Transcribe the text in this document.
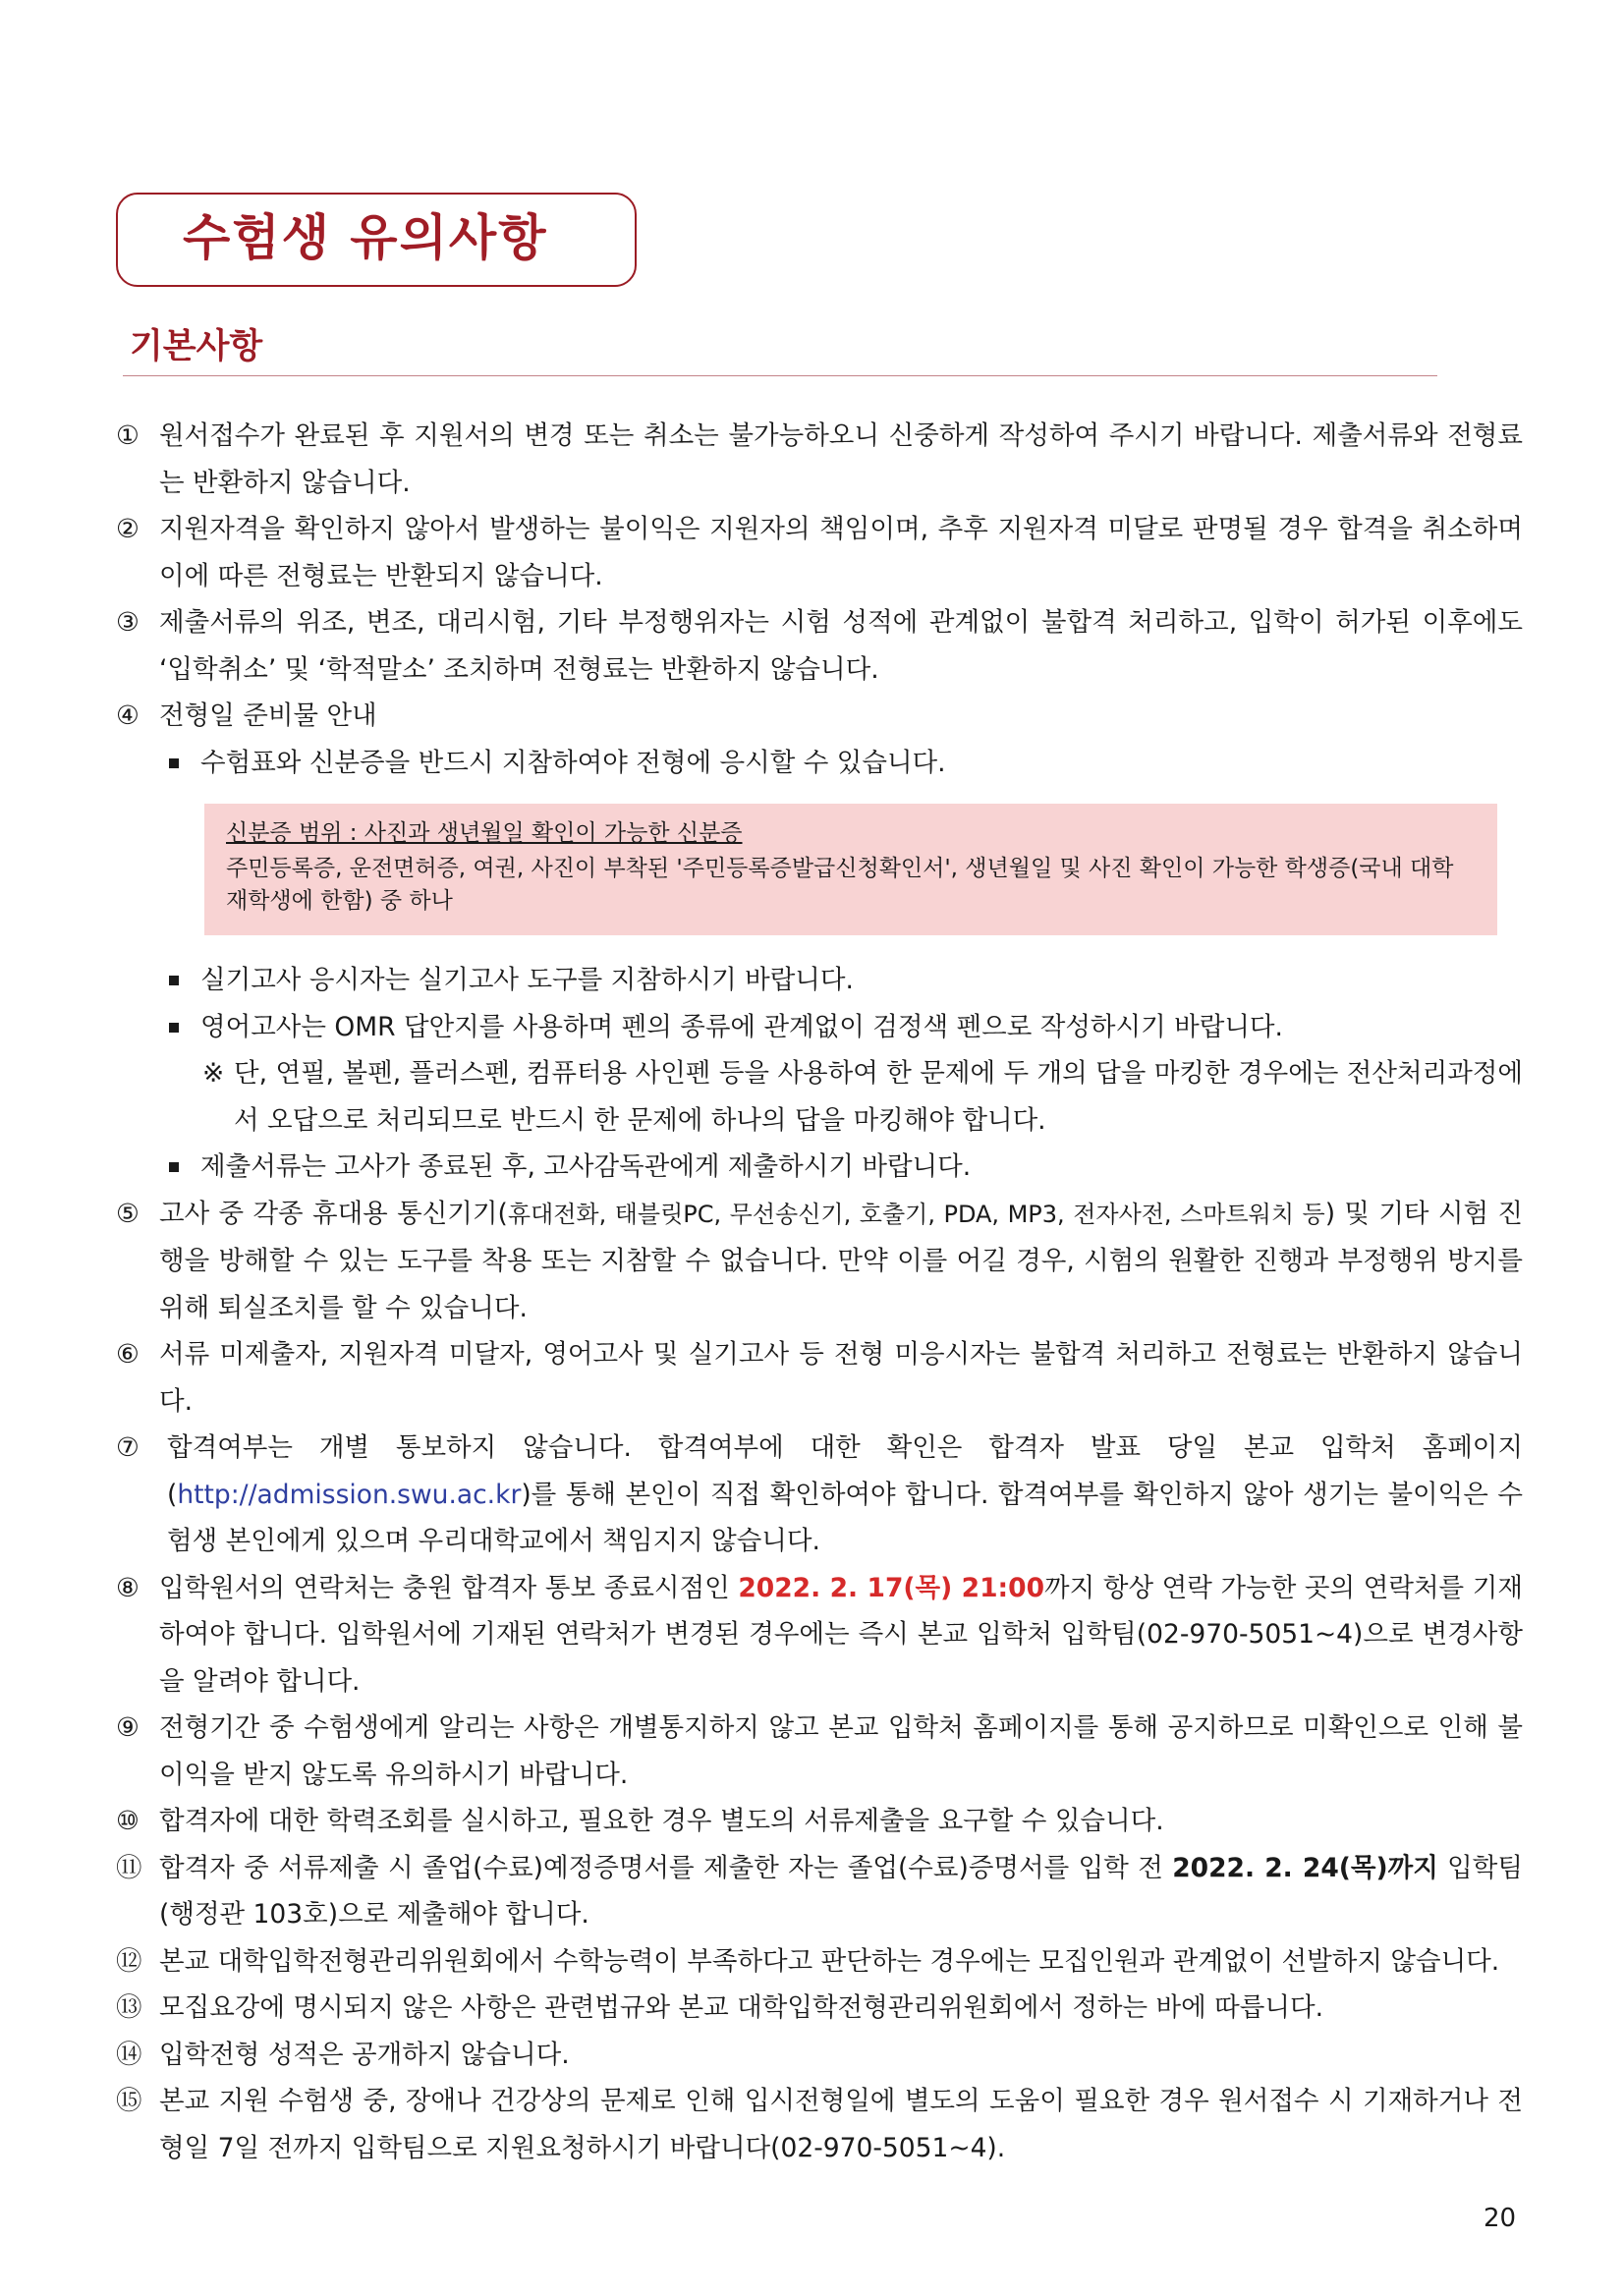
수험생 유의사항
기본사항
① 원서접수가 완료된 후 지원서의 변경 또는 취소는 불가능하오니 신중하게 작성하여 주시기 바랍니다. 제출서류와 전형료는 반환하지 않습니다.
② 지원자격을 확인하지 않아서 발생하는 불이익은 지원자의 책임이며, 추후 지원자격 미달로 판명될 경우 합격을 취소하며 이에 따른 전형료는 반환되지 않습니다.
③ 제출서류의 위조, 변조, 대리시험, 기타 부정행위자는 시험 성적에 관계없이 불합격 처리하고, 입학이 허가된 이후에도 ‘입학취소’ 및 ‘학적말소’ 조치하며 전형료는 반환하지 않습니다.
④ 전형일 준비물 안내
수험표와 신분증을 반드시 지참하여야 전형에 응시할 수 있습니다.
신분증 범위 : 사진과 생년월일 확인이 가능한 신분증
주민등록증, 운전면허증, 여권, 사진이 부착된 '주민등록증발급신청확인서', 생년월일 및 사진 확인이 가능한 학생증(국내 대학 재학생에 한함) 중 하나
실기고사 응시자는 실기고사 도구를 지참하시기 바랍니다.
영어고사는 OMR 답안지를 사용하며 펜의 종류에 관계없이 검정색 펜으로 작성하시기 바랍니다.
※ 단, 연필, 볼펜, 플러스펜, 컴퓨터용 사인펜 등을 사용하여 한 문제에 두 개의 답을 마킹한 경우에는 전산처리과정에서 오답으로 처리되므로 반드시 한 문제에 하나의 답을 마킹해야 합니다.
제출서류는 고사가 종료된 후, 고사감독관에게 제출하시기 바랍니다.
⑤ 고사 중 각종 휴대용 통신기기(휴대전화, 태블릿PC, 무선송신기, 호출기, PDA, MP3, 전자사전, 스마트워치 등) 및 기타 시험 진행을 방해할 수 있는 도구를 착용 또는 지참할 수 없습니다. 만약 이를 어길 경우, 시험의 원활한 진행과 부정행위 방지를 위해 퇴실조치를 할 수 있습니다.
⑥ 서류 미제출자, 지원자격 미달자, 영어고사 및 실기고사 등 전형 미응시자는 불합격 처리하고 전형료는 반환하지 않습니다.
⑦ 합격여부는 개별 통보하지 않습니다. 합격여부에 대한 확인은 합격자 발표 당일 본교 입학처 홈페이지(http://admission.swu.ac.kr)를 통해 본인이 직접 확인하여야 합니다. 합격여부를 확인하지 않아 생기는 불이익은 수험생 본인에게 있으며 우리대학교에서 책임지지 않습니다.
⑧ 입학원서의 연락처는 충원 합격자 통보 종료시점인 2022. 2. 17(목) 21:00까지 항상 연락 가능한 곳의 연락처를 기재하여야 합니다. 입학원서에 기재된 연락처가 변경된 경우에는 즉시 본교 입학처 입학팀(02-970-5051~4)으로 변경사항을 알려야 합니다.
⑨ 전형기간 중 수험생에게 알리는 사항은 개별통지하지 않고 본교 입학처 홈페이지를 통해 공지하므로 미확인으로 인해 불이익을 받지 않도록 유의하시기 바랍니다.
⑩ 합격자에 대한 학력조회를 실시하고, 필요한 경우 별도의 서류제출을 요구할 수 있습니다.
⑪ 합격자 중 서류제출 시 졸업(수료)예정증명서를 제출한 자는 졸업(수료)증명서를 입학 전 2022. 2. 24(목)까지 입학팀(행정관 103호)으로 제출해야 합니다.
⑫ 본교 대학입학전형관리위원회에서 수학능력이 부족하다고 판단하는 경우에는 모집인원과 관계없이 선발하지 않습니다.
⑬ 모집요강에 명시되지 않은 사항은 관련법규와 본교 대학입학전형관리위원회에서 정하는 바에 따릅니다.
⑭ 입학전형 성적은 공개하지 않습니다.
⑮ 본교 지원 수험생 중, 장애나 건강상의 문제로 인해 입시전형일에 별도의 도움이 필요한 경우 원서접수 시 기재하거나 전형일 7일 전까지 입학팀으로 지원요청하시기 바랍니다(02-970-5051~4).
20
